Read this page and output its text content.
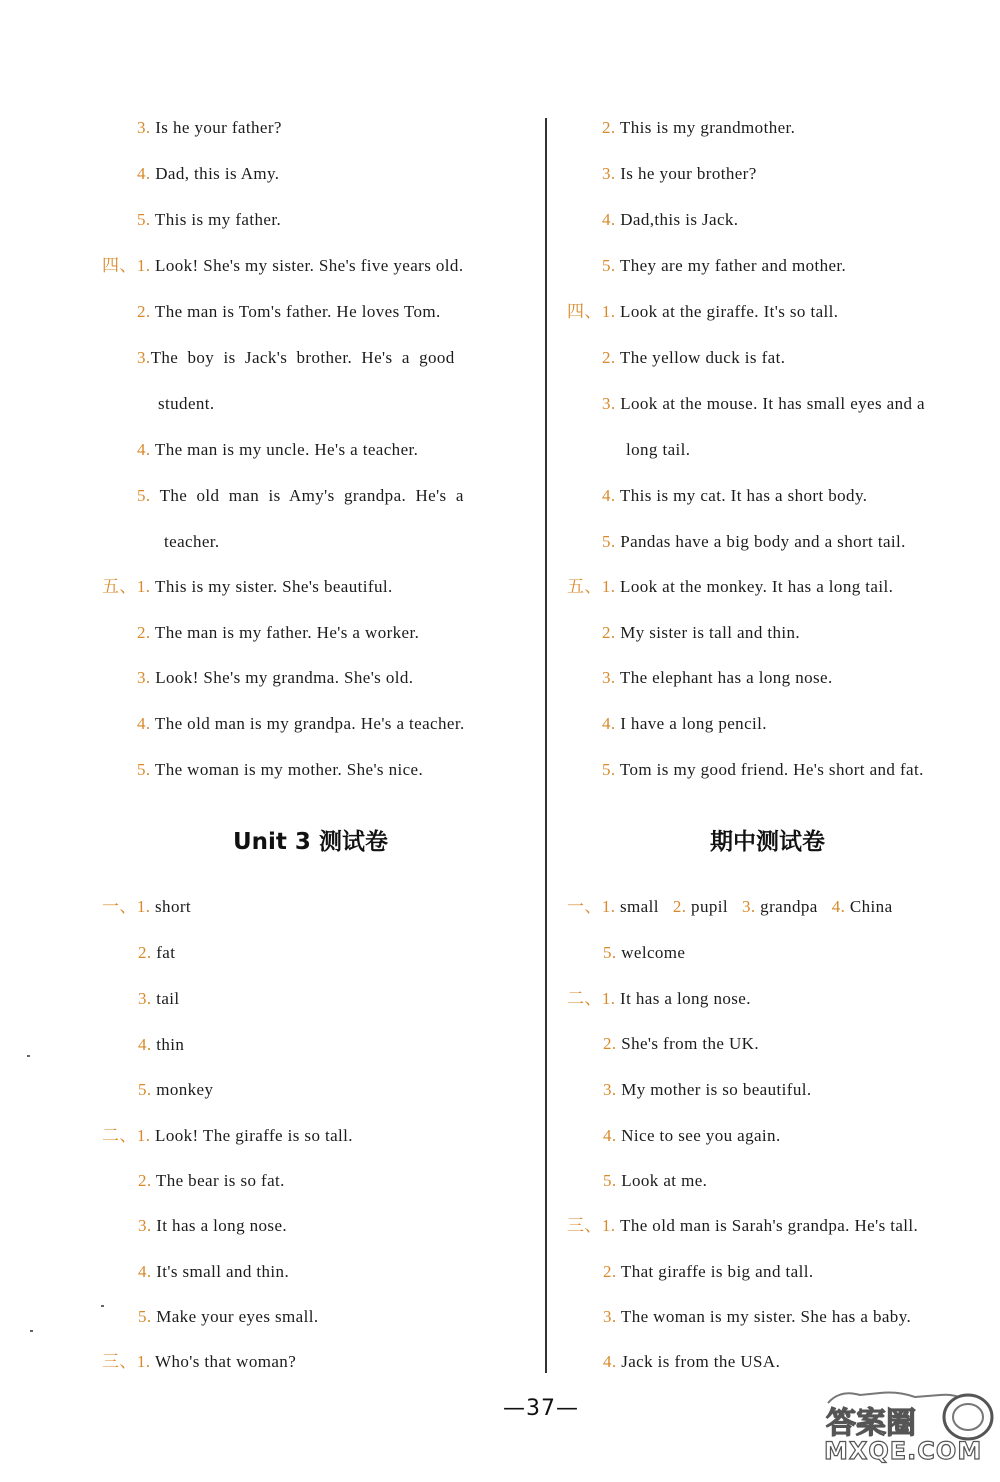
3. Is he your father?
4. Dad, this is Amy.
5. This is my father.
四、1. Look! She's my sister. She's five years old.
2. The man is Tom's father. He loves Tom.
3.The  boy  is  Jack's  brother.  He's  a  good
student.
4. The man is my uncle. He's a teacher.
5. The  old  man  is  Amy's  grandpa.  He's  a
teacher.
五、1. This is my sister. She's beautiful.
2. The man is my father. He's a worker.
3. Look! She's my grandma. She's old.
4. The old man is my grandpa. He's a teacher.
5. The woman is my mother. She's nice.
Unit 3 测试卷
一、1. short
2. fat
3. tail
4. thin
5. monkey
二、1. Look! The giraffe is so tall.
2. The bear is so fat.
3. It has a long nose.
4. It's small and thin.
5. Make your eyes small.
三、1. Who's that woman?
2. This is my grandmother.
3. Is he your brother?
4. Dad,this is Jack.
5. They are my father and mother.
四、1. Look at the giraffe. It's so tall.
2. The yellow duck is fat.
3. Look at the mouse. It has small eyes and a
long tail.
4. This is my cat. It has a short body.
5. Pandas have a big body and a short tail.
五、1. Look at the monkey. It has a long tail.
2. My sister is tall and thin.
3. The elephant has a long nose.
4. I have a long pencil.
5. Tom is my good friend. He's short and fat.
期中测试卷
一、1. small 2. pupil 3. grandpa 4. China
5. welcome
二、1. It has a long nose.
2. She's from the UK.
3. My mother is so beautiful.
4. Nice to see you again.
5. Look at me.
三、1. The old man is Sarah's grandpa. He's tall.
2. That giraffe is big and tall.
3. The woman is my sister. She has a baby.
4. Jack is from the USA.
—37—	答案圈
MXQE.COM
